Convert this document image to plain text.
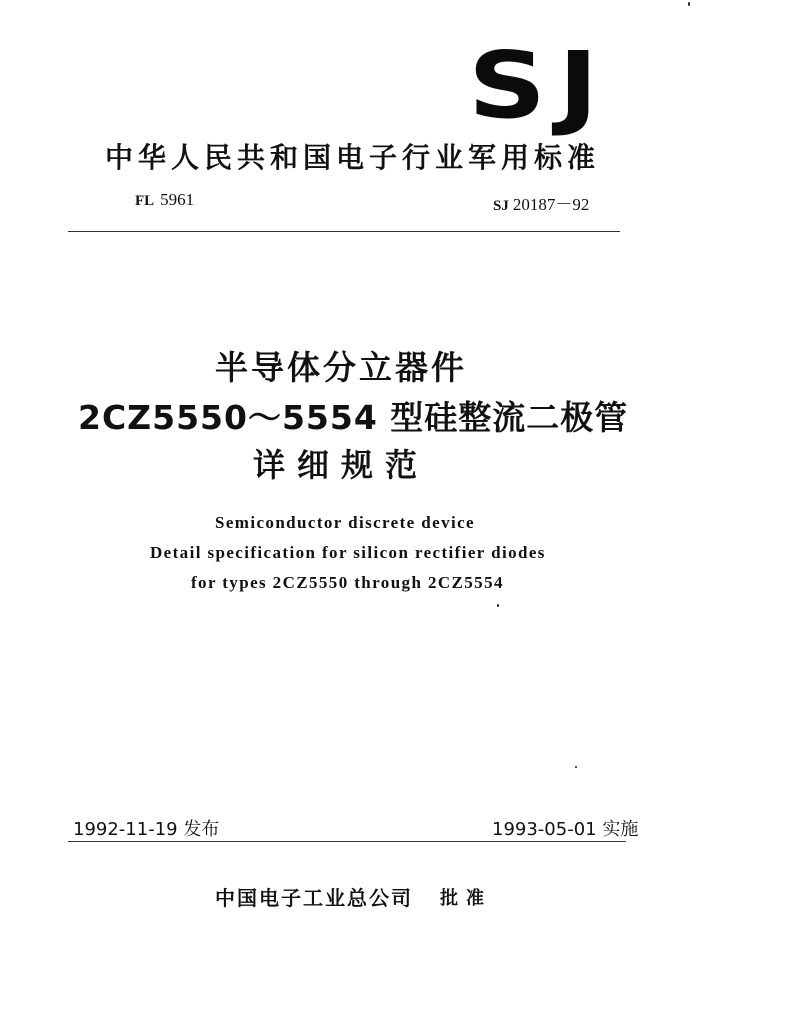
SJ
中华人民共和国电子行业军用标准
FL 5961	SJ 20187－92
半导体分立器件
2CZ5550～5554 型硅整流二极管
详细规范
Semiconductor discrete device
Detail specification for silicon rectifier diodes
for types 2CZ5550 through 2CZ5554
1992-11-19 发布	1993-05-01 实施
中国电子工业总公司 批准
